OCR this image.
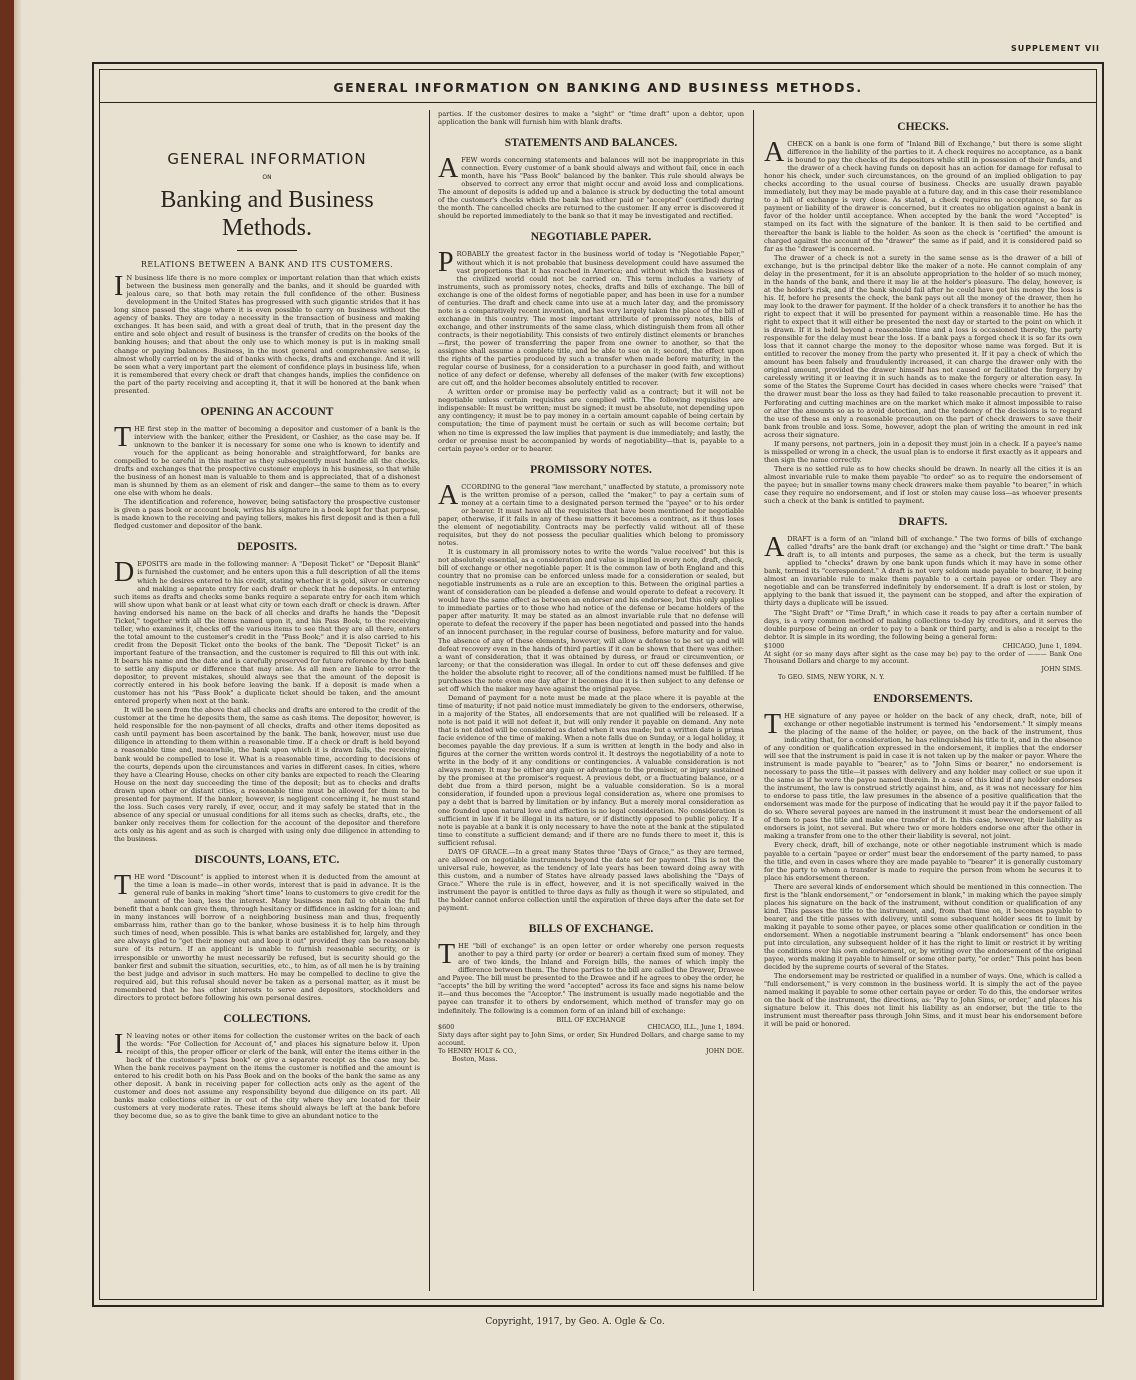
SUPPLEMENT VII
GENERAL INFORMATION ON BANKING AND BUSINESS METHODS.
GENERAL INFORMATION
ON
Banking and Business Methods.
RELATIONS BETWEEN A BANK AND ITS CUSTOMERS.

I N business life there is no more complex or important relation than that which exists between the business men generally and the banks, and it should be guarded with jealous care, so that both may retain the full confidence of the other. Business development in the United States has progressed with such gigantic strides that it has long since passed the stage where it is even possible to carry on business without the agency of banks. They are today a necessity in the transaction of business and making exchanges. It has been said, and with a great deal of truth, that in the present day the entire and sole object and result of business is the transfer of credits on the books of the banking houses; and that about the only use to which money is put is in making small change or paying balances. Business, in the most general and comprehensive sense, is almost wholly carried on by the aid of banks with checks, drafts and exchange. And it will be seen what a very important part the element of confidence plays in business life, when it is remembered that every check or draft that changes hands, implies the confidence on the part of the party receiving and accepting it, that it will be honored at the bank when presented.

OPENING AN ACCOUNT

THE first step in the matter of becoming a depositor and customer of a bank is the interview with the banker, either the President, or Cashier, as the case may be. If unknown to the banker it is necessary for some one who is known to identify and vouch for the applicant as being honorable and straightforward, for banks are compelled to be careful in this matter as they subsequently must handle all the checks, drafts and exchanges that the prospective customer employs in his business, so that while the business of an honest man is valuable to them and is appreciated, that of a dishonest man is shunned by them as an element of risk and danger—the same to them as to every one else with whom he deals.

The identification and reference, however, being satisfactory the prospective customer is given a pass book or account book, writes his signature in a book kept for that purpose, is made known to the receiving and paying tellers, makes his first deposit and is then a full fledged customer and depositor of the bank.

DEPOSITS.

DEPOSITS are made in the following manner: A "Deposit Ticket" or "Deposit Blank" is furnished the customer, and he enters upon this a full description of all the items which he desires entered to his credit, stating whether it is gold, silver or currency and making a separate entry for each draft or check that he deposits. In entering such items as drafts and checks some banks require a separate entry for each item which will show upon what bank or at least what city or town each draft or check is drawn. After having endorsed his name on the back of all checks and drafts he hands the "Deposit Ticket," together with all the items named upon it, and his Pass Book, to the receiving teller, who examines it, checks off the various items to see that they are all there, enters the total amount to the customer's credit in the "Pass Book;" and it is also carried to his credit from the Deposit Ticket onto the books of the bank. The "Deposit Ticket" is an important feature of the transaction, and the customer is required to fill this out with ink. It bears his name and the date and is carefully preserved for future reference by the bank to settle any dispute or difference that may arise. As all men are liable to error the depositor, to prevent mistakes, should always see that the amount of the deposit is correctly entered in his book before leaving the bank. If a deposit is made when a customer has not his "Pass Book" a duplicate ticket should be taken, and the amount entered properly when next at the bank.

It will be seen from the above that all checks and drafts are entered to the credit of the customer at the time he deposits them, the same as cash items. The depositor, however, is held responsible for the non-payment of all checks, drafts and other items deposited as cash until payment has been ascertained by the bank. The bank, however, must use due diligence in attending to them within a reasonable time. If a check or draft is held beyond a reasonable time and, meanwhile, the bank upon which it is drawn fails, the receiving bank would be compelled to lose it. What is a reasonable time, according to decisions of the courts, depends upon the circumstances and varies in different cases. In cities, where they have a Clearing House, checks on other city banks are expected to reach the Clearing House on the next day succeeding the time of the deposit; but as to checks and drafts drawn upon other or distant cities, a reasonable time must be allowed for them to be presented for payment. If the banker, however, is negligent concerning it, he must stand the loss. Such cases very rarely, if ever, occur, and it may safely be stated that in the absence of any special or unusual conditions for all items such as checks, drafts, etc., the banker only receives them for collection for the account of the depositor and therefore acts only as his agent and as such is charged with using only due diligence in attending to the business.

DISCOUNTS, LOANS, ETC.

THE word "Discount" is applied to interest when it is deducted from the amount at the time a loan is made—in other words, interest that is paid in advance. It is the general rule of banks in making "short time" loans to customers to give credit for the amount of the loan, less the interest. Many business men fail to obtain the full benefit that a bank can give them, through hesitancy or diffidence in asking for a loan; and in many instances will borrow of a neighboring business man and thus, frequently embarrass him, rather than go to the banker, whose business it is to help him through such times of need, when possible. This is what banks are established for, largely, and they are always glad to "get their money out and keep it out" provided they can be reasonably sure of its return. If an applicant is unable to furnish reasonable security, or is irresponsible or unworthy he must necessarily be refused, but is security should go the banker first and submit the situation, securities, etc., to him, as of all men he is by training the best judge and advisor in such matters. He may be compelled to decline to give the required aid, but this refusal should never be taken as a personal matter, as it must be remembered that he has other interests to serve and depositors, stockholders and directors to protect before following his own personal desires.

COLLECTIONS.

I N leaving notes or other items for collection the customer writes on the back of each the words: "For Collection for Account of," and places his signature below it. Upon receipt of this, the proper officer or clerk of the bank, will enter the items either in the back of the customer's "pass book" or give a separate receipt as the case may be. When the bank receives payment on the items the customer is notified and the amount is entered to his credit both on his Pass Book and on the books of the bank the same as any other deposit. A bank in receiving paper for collection acts only as the agent of the customer and does not assume any responsibility beyond due diligence on its part. All banks make collections either in or out of the city where they are located for their customers at very moderate rates. These items should always be left at the bank before they become due, so as to give the bank time to give an abundant notice to the

parties. If the customer desires to make a "sight" or "time draft" upon a debtor, upon application the bank will furnish him with blank drafts.

STATEMENTS AND BALANCES.

AFEW words concerning statements and balances will not be inappropriate in this connection. Every customer of a bank should always and without fail, once in each month, have his "Pass Book" balanced by the banker. This rule should always be observed to correct any error that might occur and avoid loss and complications. The amount of deposits is added up and a balance is struck by deducting the total amount of the customer's checks which the bank has either paid or "accepted" (certified) during the month. The cancelled checks are returned to the customer. If any error is discovered it should be reported immediately to the bank so that it may be investigated and rectified.

NEGOTIABLE PAPER.

PROBABLY the greatest factor in the business world of today is "Negotiable Paper," without which it is not probable that business development could have assumed the vast proportions that it has reached in America; and without which the business of the civilized world could not be carried on. This term includes a variety of instruments, such as promissory notes, checks, drafts and bills of exchange. The bill of exchange is one of the oldest forms of negotiable paper, and has been in use for a number of centuries. The draft and check came into use at a much later day, and the promissory note is a comparatively recent invention, and has very largely taken the place of the bill of exchange in this country. The most important attribute of promissory notes, bills of exchange, and other instruments of the same class, which distinguish them from all other contracts, is their negotiability. This consists of two entirely distinct elements or branches—first, the power of transferring the paper from one owner to another, so that the assignee shall assume a complete title, and be able to sue on it; second, the effect upon the rights of the parties produced by such a transfer when made before maturity, in the regular course of business, for a consideration to a purchaser in good faith, and without notice of any defect or defense, whereby all defenses of the maker (with few exceptions) are cut off, and the holder becomes absolutely entitled to recover.

A written order or promise may be perfectly valid as a contract; but it will not be negotiable unless certain requisites are complied with. The following requisites are indispensable: It must be written; must be signed; it must be absolute, not depending upon any contingency; it must be to pay money in a certain amount capable of being certain by computation; the time of payment must be certain or such as will become certain; but when no time is expressed the law implies that payment is due immediately; and lastly, the order or promise must be accompanied by words of negotiability—that is, payable to a certain payee's order or to bearer.

PROMISSORY NOTES.

ACCORDING to the general "law merchant," unaffected by statute, a promissory note is the written promise of a person, called the "maker," to pay a certain sum of money at a certain time to a designated person termed the "payee" or to his order or bearer. It must have all the requisites that have been mentioned for negotiable paper, otherwise, if it fails in any of these matters it becomes a contract, as it thus loses the element of negotiability. Contracts may be perfectly valid without all of these requisites, but they do not possess the peculiar qualities which belong to promissory notes.

It is customary in all promissory notes to write the words "value received" but this is not absolutely essential, as a consideration and value is implied in every note, draft, check, bill of exchange or other negotiable paper. It is the common law of both England and this country that no promise can be enforced unless made for a consideration or sealed, but negotiable instruments as a rule are an exception to this. Between the original parties a want of consideration can be pleaded a defense and would operate to defeat a recovery. It would have the same effect as between an endorser and his endorsee, but this only applies to immediate parties or to those who had notice of the defense or became holders of the paper after maturity. It may be stated as an almost invariable rule that no defense will operate to defeat the recovery if the paper has been negotiated and passed into the hands of an innocent purchaser, in the regular course of business, before maturity and for value. The absence of any of these elements, however, will allow a defense to be set up and will defeat recovery even in the hands of third parties if it can be shown that there was either: a want of consideration, that it was obtained by duress, or fraud or circumvention, or larceny; or that the consideration was illegal. In order to cut off these defenses and give the holder the absolute right to recover, all of the conditions named must be fulfilled. If he purchases the note even one day after it becomes due it is then subject to any defense or set off which the maker may have against the original payee.

Demand of payment for a note must be made at the place where it is payable at the time of maturity; if not paid notice must immediately be given to the endorsers, otherwise, in a majority of the States, all endorsements that are not qualified will be released. If a note is not paid it will not defeat it, but will only render it payable on demand. Any note that is not dated will be considered as dated when it was made; but a written date is prima facie evidence of the time of making. When a note falls due on Sunday, or a legal holiday, it becomes payable the day previous. If a sum is written at length in the body and also in figures at the corner the written words control it. It destroys the negotiability of a note to write in the body of it any conditions or contingencies. A valuable consideration is not always money. It may be either any gain or advantage to the promisor, or injury sustained by the promisee at the promisor's request. A previous debt, or a fluctuating balance, or a debt due from a third person, might be a valuable consideration. So is a moral consideration, if founded upon a previous legal consideration as, where one promises to pay a debt that is barred by limitation or by infancy. But a merely moral consideration as one founded upon natural love and affection is no legal consideration. No consideration is sufficient in law if it be illegal in its nature, or if distinctly opposed to public policy. If a note is payable at a bank it is only necessary to have the note at the bank at the stipulated time to constitute a sufficient demand; and if there are no funds there to meet it, this is sufficient refusal.

DAYS OF GRACE.—In a great many States three "Days of Grace," as they are termed, are allowed on negotiable instruments beyond the date set for payment. This is not the universal rule, however, as the tendency of late years has been toward doing away with this custom, and a number of States have already passed laws abolishing the "Days of Grace." Where the rule is in effect, however, and it is not specifically waived in the instrument the payor is entitled to three days as fully as though it were so stipulated, and the holder cannot enforce collection until the expiration of three days after the date set for payment.

BILLS OF EXCHANGE.

THE "bill of exchange" is an open letter or order whereby one person requests another to pay a third party (or order or bearer) a certain fixed sum of money. They are of two kinds, the Inland and Foreign bills, the names of which imply the difference between them. The three parties to the bill are called the Drawer, Drawee and Payee. The bill must be presented to the Drawee and if he agrees to obey the order, he "accepts" the bill by writing the word "accepted" across its face and signs his name below it—and thus becomes the "Acceptor." The instrument is usually made negotiable and the payee can transfer it to others by endorsement, which method of transfer may go on indefinitely. The following is a common form of an inland bill of exchange:

BILL OF EXCHANGE
$600	CHICAGO, ILL., June 1, 1894.
Sixty days after sight pay to John Sims, or order, Six Hundred Dollars, and charge same to my account.
To HENRY HOLT & CO.,	JOHN DOE.
Boston, Mass.
CHECKS.

ACHECK on a bank is one form of "Inland Bill of Exchange," but there is some slight difference in the liability of the parties to it. A check requires no acceptance, as a bank is bound to pay the checks of its depositors while still in possession of their funds, and the drawer of a check having funds on deposit has an action for damage for refusal to honor his check, under such circumstances, on the ground of an implied obligation to pay checks according to the usual course of business. Checks are usually drawn payable immediately, but they may be made payable at a future day, and in this case their resemblance to a bill of exchange is very close. As stated, a check requires no acceptance, so far as payment or liability of the drawer is concerned, but it creates no obligation against a bank in favor of the holder until acceptance. When accepted by the bank the word "Accepted" is stamped on its fact with the signature of the banker. It is then said to be certified and thereafter the bank is liable to the holder. As soon as the check is "certified" the amount is charged against the account of the "drawer" the same as if paid, and it is considered paid so far as the "drawer" is concerned.

The drawer of a check is not a surety in the same sense as is the drawer of a bill of exchange, but is the principal debtor like the maker of a note. He cannot complain of any delay in the presentment, for it is an absolute appropriation to the holder of so much money, in the hands of the bank, and there it may lie at the holder's pleasure. The delay, however, is at the holder's risk, and if the bank should fail after he could have got his money the loss is his. If, before he presents the check, the bank pays out all the money of the drawer, then he may look to the drawer for payment. If the holder of a check transfers it to another he has the right to expect that it will be presented for payment within a reasonable time. He has the right to expect that it will either be presented the next day or started to the point on which it is drawn. If it is held beyond a reasonable time and a loss is occasioned thereby, the party responsible for the delay must bear the loss. If a bank pays a forged check it is so far its own loss that it cannot charge the money to the depositor whose name was forged. But it is entitled to recover the money from the party who presented it. If it pay a check of which the amount has been falsely and fraudulently increased, it can charge the drawer only with the original amount, provided the drawer himself has not caused or facilitated the forgery by carelessly writing it or leaving it in such hands as to make the forgery or alteration easy. In some of the States the Supreme Court has decided in cases where checks were "raised" that the drawer must bear the loss as they had failed to take reasonable precaution to prevent it. Perforating and cutting machines are on the market which make it almost impossible to raise or alter the amounts so as to avoid detection, and the tendency of the decisions is to regard the use of these as only a reasonable precaution on the part of check drawers to save their bank from trouble and loss. Some, however, adopt the plan of writing the amount in red ink across their signature.

If many persons, not partners, join in a deposit they must join in a check. If a payee's name is misspelled or wrong in a check, the usual plan is to endorse it first exactly as it appears and then sign the name correctly.

There is no settled rule as to how checks should be drawn. In nearly all the cities it is an almost invariable rule to make them payable "to order" so as to require the endorsement of the payee; but in smaller towns many check drawers make them payable "to bearer," in which case they require no endorsement, and if lost or stolen may cause loss—as whoever presents such a check at the bank is entitled to payment.

DRAFTS.

ADRAFT is a form of an "inland bill of exchange." The two forms of bills of exchange called "drafts" are the bank draft (or exchange) and the "sight or time draft." The bank draft is, to all intents and purposes, the same as a check, but the term is usually applied to "checks" drawn by one bank upon funds which it may have in some other bank, termed its "correspondent." A draft is not very seldom made payable to bearer, it being almost an invariable rule to make them payable to a certain payee or order. They are negotiable and can be transferred indefinitely by endorsement. If a draft is lost or stolen, by applying to the bank that issued it, the payment can be stopped, and after the expiration of thirty days a duplicate will be issued.

The "Sight Draft" or "Time Draft," in which case it reads to pay after a certain number of days, is a very common method of making collections to-day by creditors, and it serves the double purpose of being an order to pay to a bank or third party, and is also a receipt to the debtor. It is simple in its wording, the following being a general form:

$1000	CHICAGO, June 1, 1894.
At sight (or so many days after sight as the case may be) pay to the order of ——— Bank One Thousand Dollars and charge to my account.
JOHN SIMS.
To GEO. SIMS, NEW YORK, N. Y.
ENDORSEMENTS.

THE signature of any payee or holder on the back of any check, draft, note, bill of exchange or other negotiable instrument is termed his "endorsement." It simply means the placing of the name of the holder, or payee, on the back of the instrument, thus indicating that, for a consideration, he has relinquished his title to it, and in the absence of any condition or qualification expressed in the endorsement, it implies that the endorser will see that the instrument is paid in case it is not taken up by the maker or payor. Where the instrument is made payable to "bearer," as to "John Sims or bearer," no endorsement is necessary to pass the title—it passes with delivery and any holder may collect or sue upon it the same as if he were the payee named therein. In a case of this kind if any holder endorses the instrument, the law is construed strictly against him, and, as it was not necessary for him to endorse to pass title, the law presumes in the absence of a positive qualification that the endorsement was made for the purpose of indicating that he would pay it if the payor failed to do so. Where several payees are named in the instrument it must bear the endorsement of all of them to pass the title and make one transfer of it. In this case, however, their liability as endorsers is joint, not several. But where two or more holders endorse one after the other in making a transfer from one to the other their liability is several, not joint.

Every check, draft, bill of exchange, note or other negotiable instrument which is made payable to a certain "payee or order" must bear the endorsement of the party named, to pass the title, and even in cases where they are made payable to "bearer" it is generally customary for the party to whom a transfer is made to require the person from whom he secures it to place his endorsement thereon.

There are several kinds of endorsement which should be mentioned in this connection. The first is the "blank endorsement," or "endorsement in blank," in making which the payee simply places his signature on the back of the instrument, without condition or qualification of any kind. This passes the title to the instrument, and, from that time on, it becomes payable to bearer, and the title passes with delivery, until some subsequent holder sees fit to limit by making it payable to some other payee, or places some other qualification or condition in the endorsement. When a negotiable instrument bearing a "blank endorsement" has once been put into circulation, any subsequent holder of it has the right to limit or restrict it by writing the conditions over his own endorsement, or, by writing over the endorsement of the original payee, words making it payable to himself or some other party, "or order." This point has been decided by the supreme courts of several of the States.

The endorsement may be restricted or qualified in a number of ways. One, which is called a "full endorsement," is very common in the business world. It is simply the act of the payee named making it payable to some other certain payee or order. To do this, the endorser writes on the back of the instrument, the directions, as: "Pay to John Sims, or order," and places his signature below it. This does not limit his liability as an endorser, but the title to the instrument must thereafter pass through John Sims, and it must bear his endorsement before it will be paid or honored.

Copyright, 1917, by Geo. A. Ogle & Co.
